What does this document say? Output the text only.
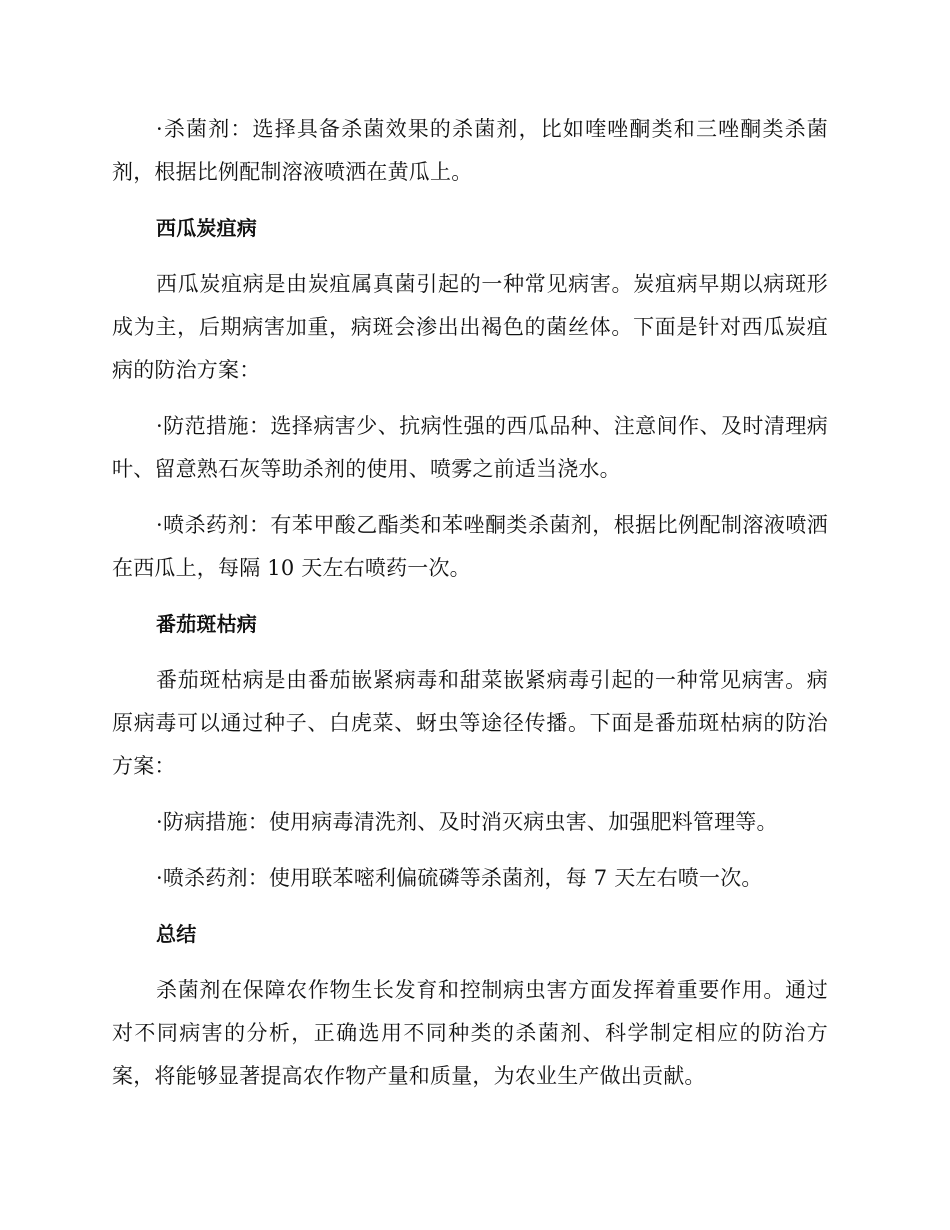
·杀菌剂：选择具备杀菌效果的杀菌剂，比如喹唑酮类和三唑酮类杀菌剂，根据比例配制溶液喷洒在黄瓜上。

西瓜炭疽病

西瓜炭疽病是由炭疽属真菌引起的一种常见病害。炭疽病早期以病斑形成为主，后期病害加重，病斑会渗出出褐色的菌丝体。下面是针对西瓜炭疽病的防治方案：

·防范措施：选择病害少、抗病性强的西瓜品种、注意间作、及时清理病叶、留意熟石灰等助杀剂的使用、喷雾之前适当浇水。

·喷杀药剂：有苯甲酸乙酯类和苯唑酮类杀菌剂，根据比例配制溶液喷洒在西瓜上，每隔 10 天左右喷药一次。

番茄斑枯病

番茄斑枯病是由番茄嵌紧病毒和甜菜嵌紧病毒引起的一种常见病害。病原病毒可以通过种子、白虎菜、蚜虫等途径传播。下面是番茄斑枯病的防治方案：

·防病措施：使用病毒清洗剂、及时消灭病虫害、加强肥料管理等。

·喷杀药剂：使用联苯嘧利偏硫磷等杀菌剂，每 7 天左右喷一次。

总结

杀菌剂在保障农作物生长发育和控制病虫害方面发挥着重要作用。通过对不同病害的分析，正确选用不同种类的杀菌剂、科学制定相应的防治方案，将能够显著提高农作物产量和质量，为农业生产做出贡献。
